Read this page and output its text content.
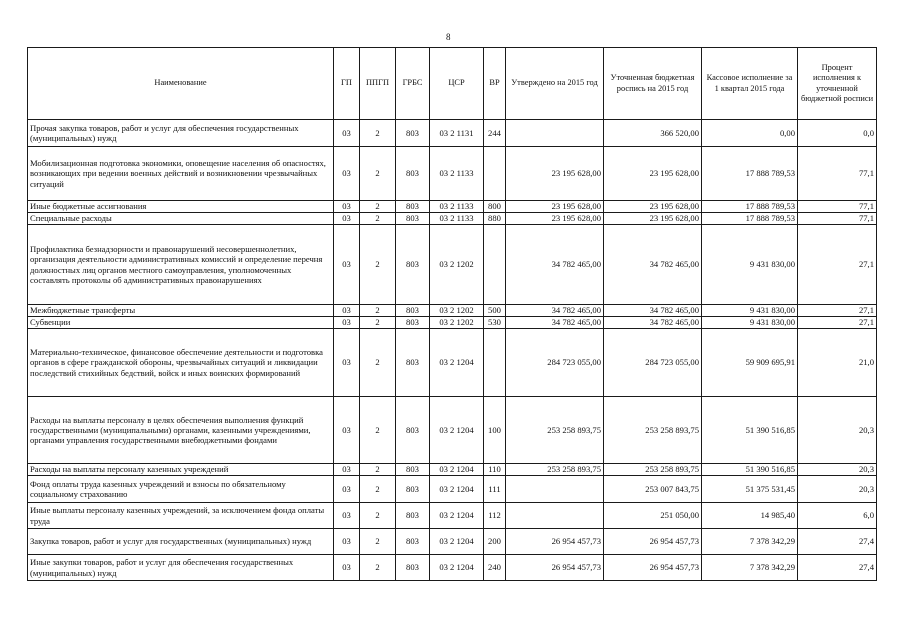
8
Наименование	ГП	ППГП	ГРБС	ЦСР	ВР	Утверждено на 2015 год	Уточненная бюджетная роспись на 2015 год	Кассовое исполнение за 1 квартал 2015 года	Процент исполнения к уточненной бюджетной росписи
Прочая закупка товаров, работ и услуг для обеспечения государственных (муниципальных) нужд	03	2	803	03 2 1131	244		366 520,00	0,00	0,0
Мобилизационная подготовка экономики, оповещение населения об опасностях, возникающих при ведении военных действий и возникновении чрезвычайных ситуаций	03	2	803	03 2 1133		23 195 628,00	23 195 628,00	17 888 789,53	77,1
Иные бюджетные ассигнования	03	2	803	03 2 1133	800	23 195 628,00	23 195 628,00	17 888 789,53	77,1
Специальные расходы	03	2	803	03 2 1133	880	23 195 628,00	23 195 628,00	17 888 789,53	77,1
Профилактика безнадзорности и правонарушений несовершеннолетних, организация деятельности административных комиссий и определение перечня должностных лиц органов местного самоуправления, уполномоченных составлять протоколы об административных правонарушениях	03	2	803	03 2 1202		34 782 465,00	34 782 465,00	9 431 830,00	27,1
Межбюджетные трансферты	03	2	803	03 2 1202	500	34 782 465,00	34 782 465,00	9 431 830,00	27,1
Субвенции	03	2	803	03 2 1202	530	34 782 465,00	34 782 465,00	9 431 830,00	27,1
Материально-техническое, финансовое обеспечение деятельности и подготовка органов в сфере гражданской обороны, чрезвычайных ситуаций и ликвидации последствий стихийных бедствий, войск и иных воинских формирований	03	2	803	03 2 1204		284 723 055,00	284 723 055,00	59 909 695,91	21,0
Расходы на выплаты персоналу в целях обеспечения выполнения функций государственными (муниципальными) органами, казенными учреждениями, органами управления государственными внебюджетными фондами	03	2	803	03 2 1204	100	253 258 893,75	253 258 893,75	51 390 516,85	20,3
Расходы на выплаты персоналу казенных учреждений	03	2	803	03 2 1204	110	253 258 893,75	253 258 893,75	51 390 516,85	20,3
Фонд оплаты труда казенных учреждений и взносы по обязательному социальному страхованию	03	2	803	03 2 1204	111		253 007 843,75	51 375 531,45	20,3
Иные выплаты персоналу казенных учреждений, за исключением фонда оплаты труда	03	2	803	03 2 1204	112		251 050,00	14 985,40	6,0
Закупка товаров, работ и услуг для государственных (муниципальных) нужд	03	2	803	03 2 1204	200	26 954 457,73	26 954 457,73	7 378 342,29	27,4
Иные закупки товаров, работ и услуг для обеспечения государственных (муниципальных) нужд	03	2	803	03 2 1204	240	26 954 457,73	26 954 457,73	7 378 342,29	27,4
